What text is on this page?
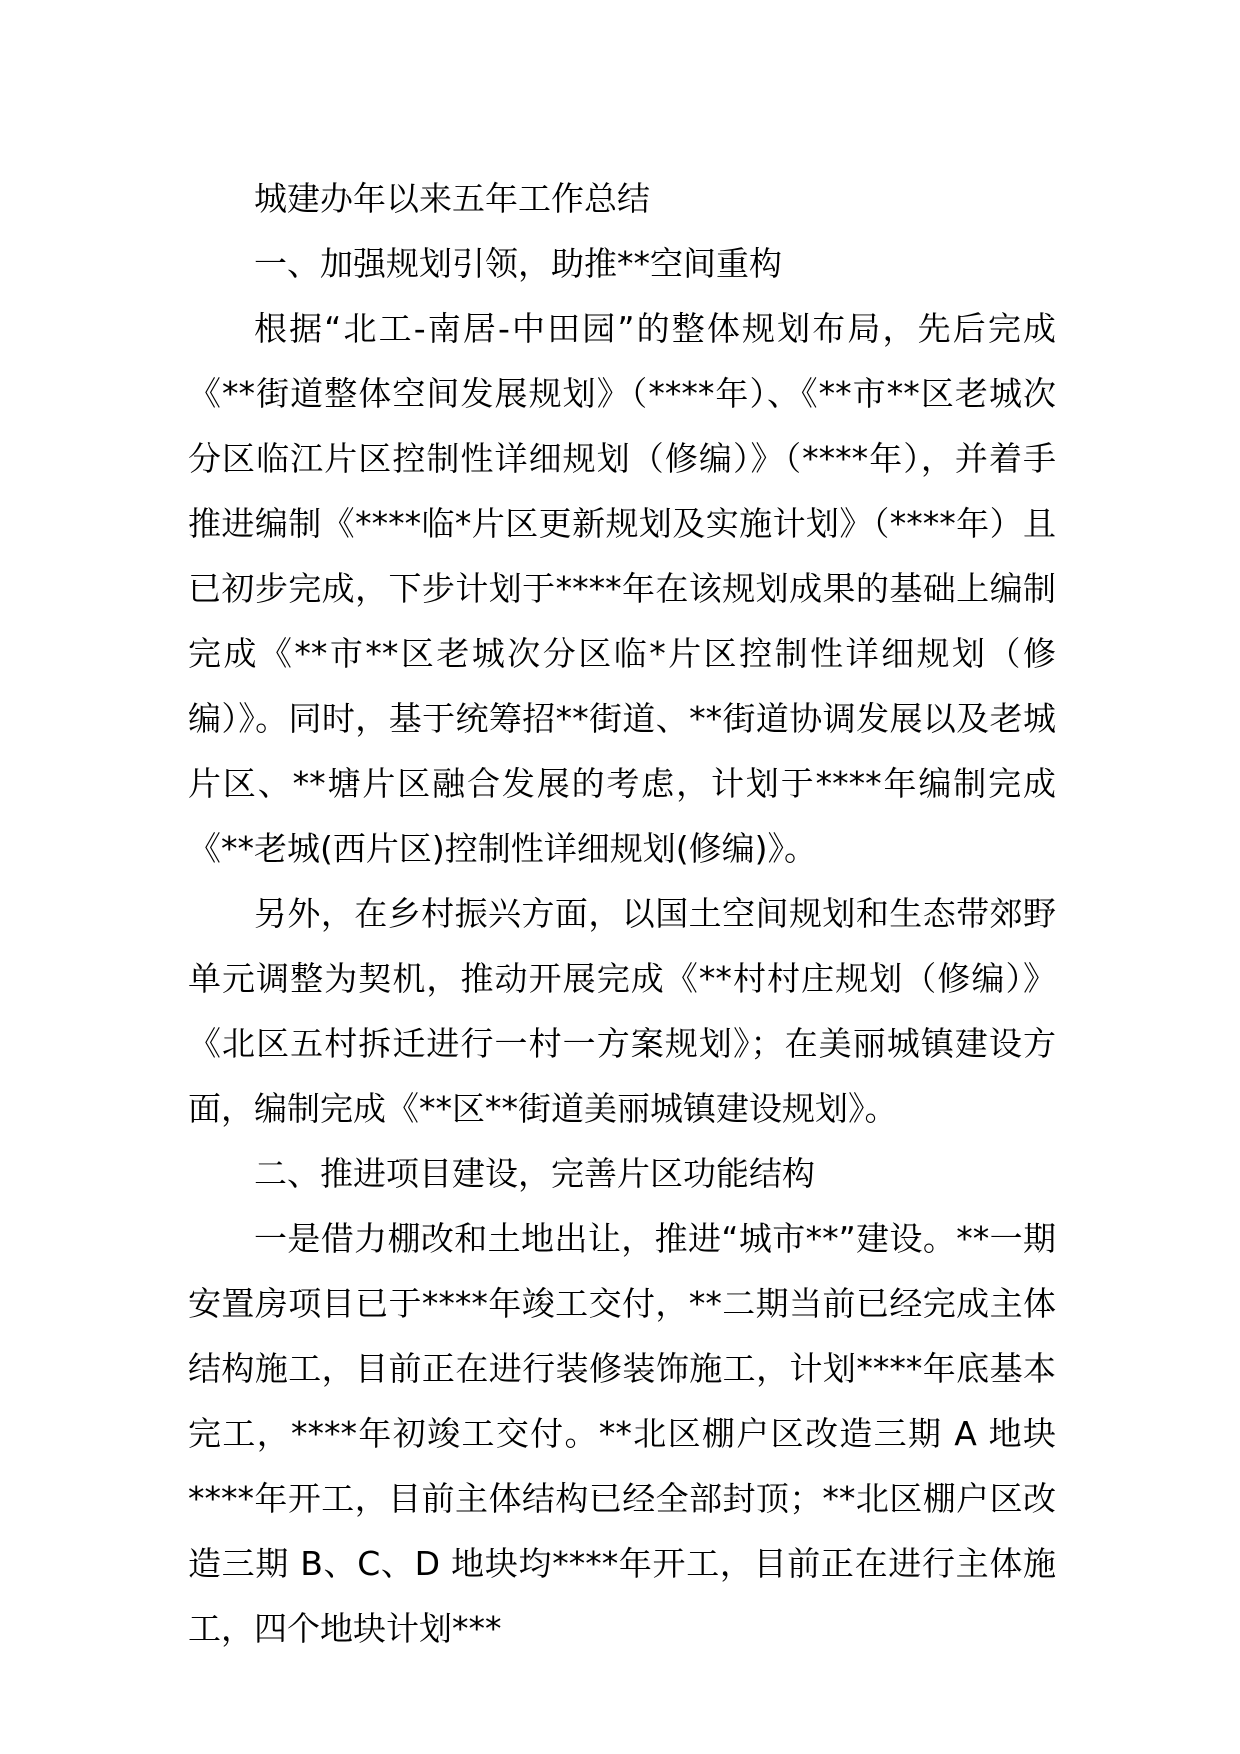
城建办年以来五年工作总结

一、加强规划引领，助推**空间重构

根据“北工-南居-中田园”的整体规划布局，先后完成《**街道整体空间发展规划》（****年）、《**市**区老城次分区临江片区控制性详细规划（修编）》（****年），并着手推进编制《****临*片区更新规划及实施计划》（****年）且已初步完成，下步计划于****年在该规划成果的基础上编制完成《**市**区老城次分区临*片区控制性详细规划（修编）》。同时，基于统筹招**街道、**街道协调发展以及老城片区、**塘片区融合发展的考虑，计划于****年编制完成《**老城(西片区)控制性详细规划(修编)》。

另外，在乡村振兴方面，以国土空间规划和生态带郊野单元调整为契机，推动开展完成《**村村庄规划（修编）》《北区五村拆迁进行一村一方案规划》；在美丽城镇建设方面，编制完成《**区**街道美丽城镇建设规划》。

二、推进项目建设，完善片区功能结构

一是借力棚改和土地出让，推进“城市**”建设。**一期安置房项目已于****年竣工交付，**二期当前已经完成主体结构施工，目前正在进行装修装饰施工，计划****年底基本完工，****年初竣工交付。**北区棚户区改造三期 A 地块****年开工，目前主体结构已经全部封顶；**北区棚户区改造三期 B、C、D 地块均****年开工，目前正在进行主体施工，四个地块计划***
